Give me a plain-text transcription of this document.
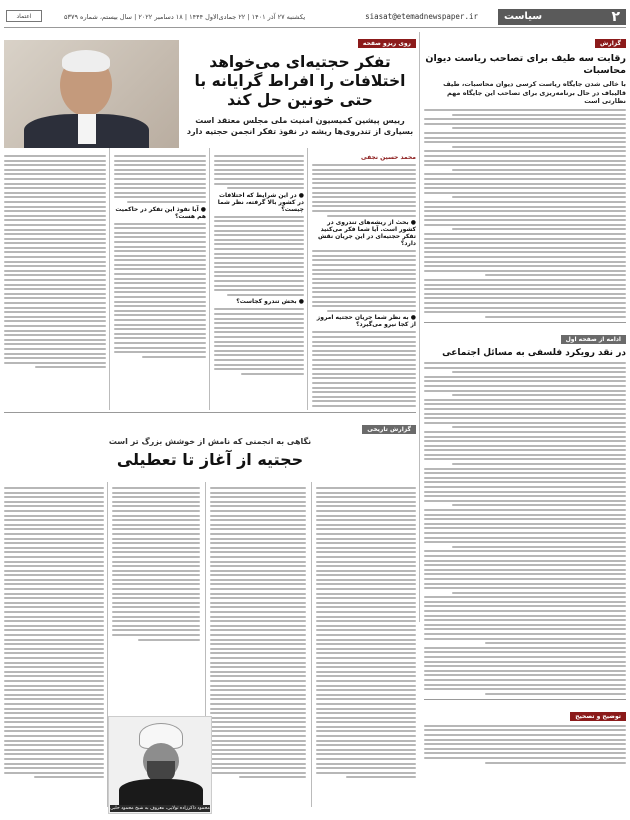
۲
سیاست
siasat@etemadnewspaper.ir
یکشنبه ۲۷ آذر ۱۴۰۱ | ۲۲ جمادی‌الاول ۱۴۴۴ | ۱۸ دسامبر ۲۰۲۲ | سال بیستم، شماره ۵۳۷۹
اعتماد
گزارش
رقابت سه طیف برای تصاحب ریاست دیوان محاسبات
با خالی شدن جایگاه ریاست کرسی دیوان محاسبات، طیف قالیباف در حال برنامه‌ریزی برای تصاحب این جایگاه مهم نظارتی است
ادامه از صفحه اول
در نقد رویکرد فلسفی به مسائل اجتماعی
توضیح و تصحیح
روی ریزو صفحه
تفکر حجتیه‌ای می‌خواهد اختلافات را افراط گرایانه با حتی خونین حل کند
رییس پیشین کمیسیون امنیت ملی مجلس معتقد است بسیاری از تندروی‌ها ریشه در نفوذ تفکر انجمن حجتیه دارد
محمد حسین نجفی
● بحث از ریشه‌های تندروی در کشور است. آیا شما فکر می‌کنید تفکر حجتیه‌ای در این جریان نقش دارد؟
● به نظر شما جریان حجتیه امروز از کجا نیرو می‌گیرد؟
● در این شرایط که اختلافات در کشور بالا گرفته، نظر شما چیست؟
● بخش تندرو کجاست؟
● آیا نفوذ این تفکر در حاکمیت هم هست؟
گزارش تاریخی
نگاهی به انجمنی که نامش از خوشش بزرگ تر است
حجتیه از آغاز تا تعطیلی
محمود ذاکرزاده تولایی، معروف به شیخ محمود حلبی
